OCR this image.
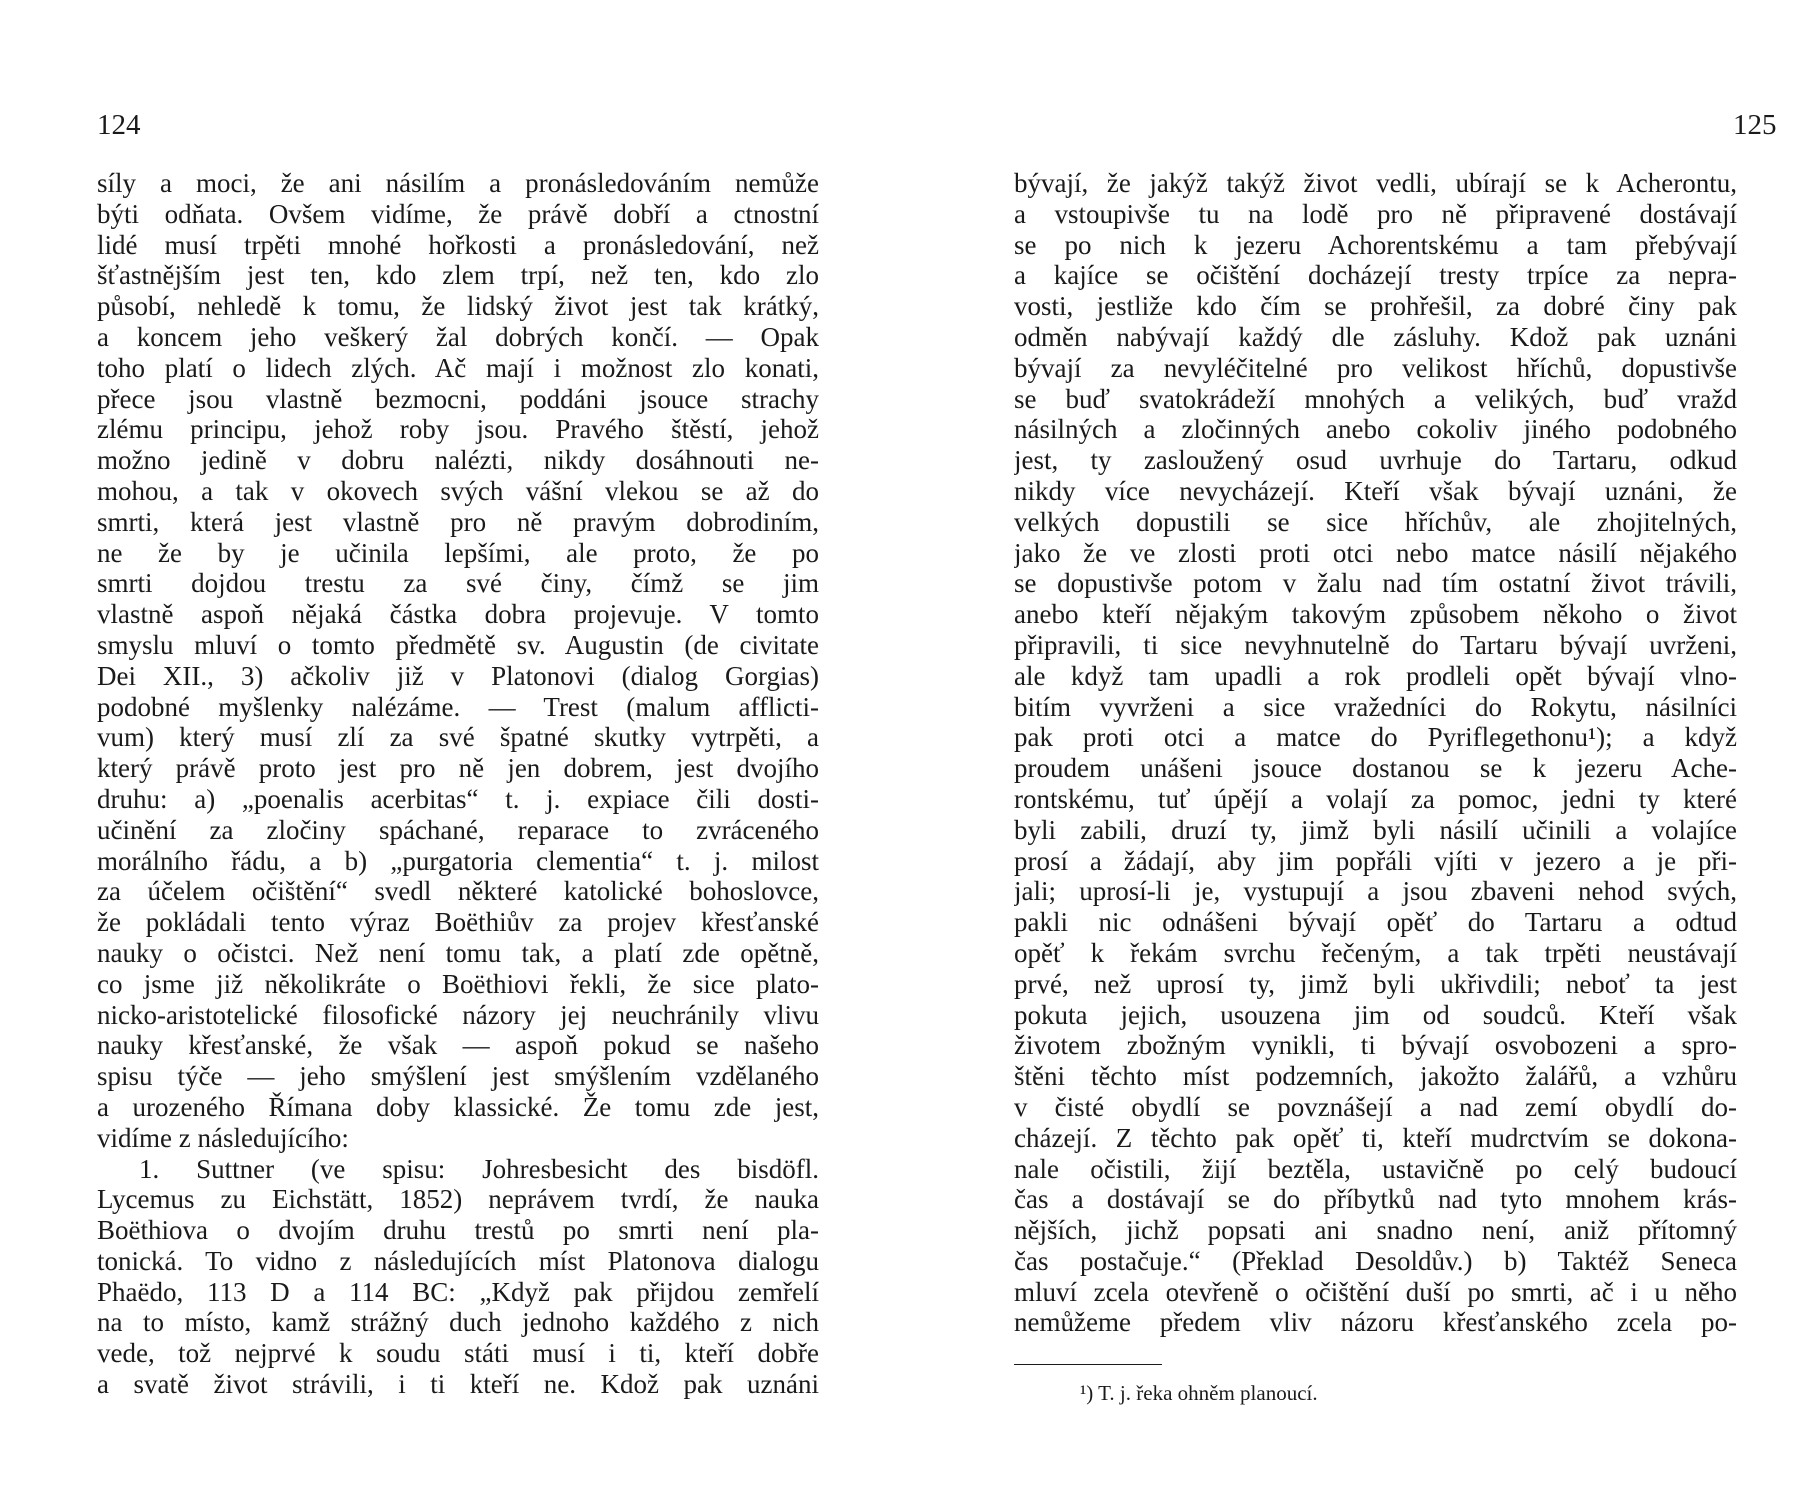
124
síly a moci, že ani násilím a pronásledováním nemůže
býti odňata. Ovšem vidíme, že právě dobří a ctnostní
lidé musí trpěti mnohé hořkosti a pronásledování, než
šťastnějším jest ten, kdo zlem trpí, než ten, kdo zlo
působí, nehledě k tomu, že lidský život jest tak krátký,
a koncem jeho veškerý žal dobrých končí. — Opak
toho platí o lidech zlých. Ač mají i možnost zlo konati,
přece jsou vlastně bezmocni, poddáni jsouce strachy
zlému principu, jehož roby jsou. Pravého štěstí, jehož
možno jedině v dobru nalézti, nikdy dosáhnouti ne-
mohou, a tak v okovech svých vášní vlekou se až do
smrti, která jest vlastně pro ně pravým dobrodiním,
ne že by je učinila lepšími, ale proto, že po
smrti dojdou trestu za své činy, čímž se jim
vlastně aspoň nějaká částka dobra projevuje. V tomto
smyslu mluví o tomto předmětě sv. Augustin (de civitate
Dei XII., 3) ačkoliv již v Platonovi (dialog Gorgias)
podobné myšlenky nalézáme. — Trest (malum afflicti-
vum) který musí zlí za své špatné skutky vytrpěti, a
který právě proto jest pro ně jen dobrem, jest dvojího
druhu: a) „poenalis acerbitas“ t. j. expiace čili dosti-
učinění za zločiny spáchané, reparace to zvráceného
morálního řádu, a b) „purgatoria clementia“ t. j. milost
za účelem očištění“ svedl některé katolické bohoslovce,
že pokládali tento výraz Boëthiův za projev křesťanské
nauky o očistci. Než není tomu tak, a platí zde opětně,
co jsme již několikráte o Boëthiovi řekli, že sice plato-
nicko-aristotelické filosofické názory jej neuchránily vlivu
nauky křesťanské, že však — aspoň pokud se našeho
spisu týče — jeho smýšlení jest smýšlením vzdělaného
a urozeného Římana doby klassické. Že tomu zde jest,
vidíme z následujícího:
1. Suttner (ve spisu: Johresbesicht des bisdöfl.
Lycemus zu Eichstätt, 1852) neprávem tvrdí, že nauka
Boëthiova o dvojím druhu trestů po smrti není pla-
tonická. To vidno z následujících míst Platonova dialogu
Phaëdo, 113 D a 114 BC: „Když pak přijdou zemřelí
na to místo, kamž strážný duch jednoho každého z nich
vede, tož nejprvé k soudu státi musí i ti, kteří dobře
a svatě život strávili, i ti kteří ne. Kdož pak uznáni
125
bývají, že jakýž takýž život vedli, ubírají se k Acherontu,
a vstoupivše tu na lodě pro ně připravené dostávají
se po nich k jezeru Achorentskému a tam přebývají
a kajíce se očištění docházejí tresty trpíce za nepra-
vosti, jestliže kdo čím se prohřešil, za dobré činy pak
odměn nabývají každý dle zásluhy. Kdož pak uznáni
bývají za nevyléčitelné pro velikost hříchů, dopustivše
se buď svatokrádeží mnohých a velikých, buď vražd
násilných a zločinných anebo cokoliv jiného podobného
jest, ty zasloužený osud uvrhuje do Tartaru, odkud
nikdy více nevycházejí. Kteří však bývají uznáni, že
velkých dopustili se sice hříchův, ale zhojitelných,
jako že ve zlosti proti otci nebo matce násilí nějakého
se dopustivše potom v žalu nad tím ostatní život trávili,
anebo kteří nějakým takovým způsobem někoho o život
připravili, ti sice nevyhnutelně do Tartaru bývají uvrženi,
ale když tam upadli a rok prodleli opět bývají vlno-
bitím vyvrženi a sice vražedníci do Rokytu, násilníci
pak proti otci a matce do Pyriflegethonu¹); a když
proudem unášeni jsouce dostanou se k jezeru Ache-
rontskému, tuť úpějí a volají za pomoc, jedni ty které
byli zabili, druzí ty, jimž byli násilí učinili a volajíce
prosí a žádají, aby jim popřáli vjíti v jezero a je při-
jali; uprosí-li je, vystupují a jsou zbaveni nehod svých,
pakli nic odnášeni bývají opěť do Tartaru a odtud
opěť k řekám svrchu řečeným, a tak trpěti neustávají
prvé, než uprosí ty, jimž byli ukřivdili; neboť ta jest
pokuta jejich, usouzena jim od soudců. Kteří však
životem zbožným vynikli, ti bývají osvobozeni a spro-
štěni těchto míst podzemních, jakožto žalářů, a vzhůru
v čisté obydlí se povznášejí a nad zemí obydlí do-
cházejí. Z těchto pak opěť ti, kteří mudrctvím se dokona-
nale očistili, žijí beztěla, ustavičně po celý budoucí
čas a dostávají se do příbytků nad tyto mnohem krás-
nějších, jichž popsati ani snadno není, aniž přítomný
čas postačuje.“ (Překlad Desoldův.) b) Taktéž Seneca
mluví zcela otevřeně o očištění duší po smrti, ač i u něho
nemůžeme předem vliv názoru křesťanského zcela po-
¹) T. j. řeka ohněm planoucí.
